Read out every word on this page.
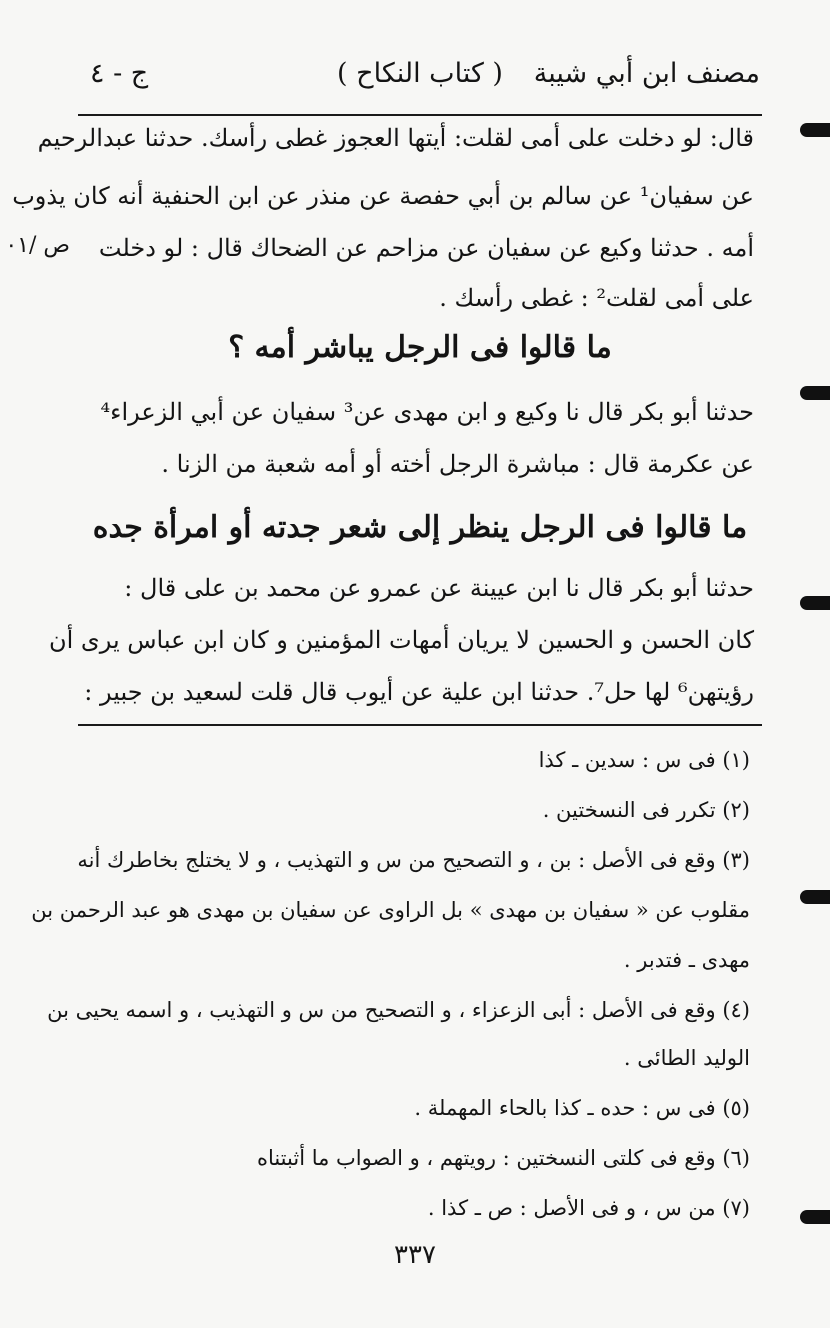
مصنف ابن أبي شيبة
( كتاب النكاح )
ج - ٤
ص /٠١
قال: لو دخلت على أمى لقلت: أيتها العجوز غطى رأسك. حدثنا عبدالرحيم
عن سفيان¹ عن سالم بن أبي حفصة عن منذر عن ابن الحنفية أنه كان يذوب
أمه . حدثنا وكيع عن سفيان عن مزاحم عن الضحاك قال : لو دخلت
على أمى لقلت² : غطى رأسك .
ما قالوا فى الرجل يباشر أمه ؟
حدثنا أبو بكر قال نا وكيع و ابن مهدى عن³ سفيان عن أبي الزعراء⁴
عن عكرمة قال : مباشرة الرجل أخته أو أمه شعبة من الزنا .
ما قالوا فى الرجل ينظر إلى شعر جدته أو امرأة جده
حدثنا أبو بكر قال نا ابن عيينة عن عمرو عن محمد بن على قال :
كان الحسن و الحسين لا يريان أمهات المؤمنين و كان ابن عباس يرى أن
رؤيتهن⁶ لها حل⁷. حدثنا ابن علية عن أيوب قال قلت لسعيد بن جبير :
(١) فى س : سدين ـ كذا
(٢) تكرر فى النسختين .
(٣) وقع فى الأصل : بن ، و التصحيح من س و التهذيب ، و لا يختلج بخاطرك أنه
مقلوب عن « سفيان بن مهدى » بل الراوى عن سفيان بن مهدى هو عبد الرحمن بن
مهدى ـ فتدبر .
(٤) وقع فى الأصل : أبى الزعزاء ، و التصحيح من س و التهذيب ، و اسمه يحيى بن
الوليد الطائى .
(٥) فى س : حده ـ كذا بالحاء المهملة .
(٦) وقع فى كلتى النسختين : رويتهم ، و الصواب ما أثبتناه
(٧) من س ، و فى الأصل : ص ـ كذا .
٣٣٧
